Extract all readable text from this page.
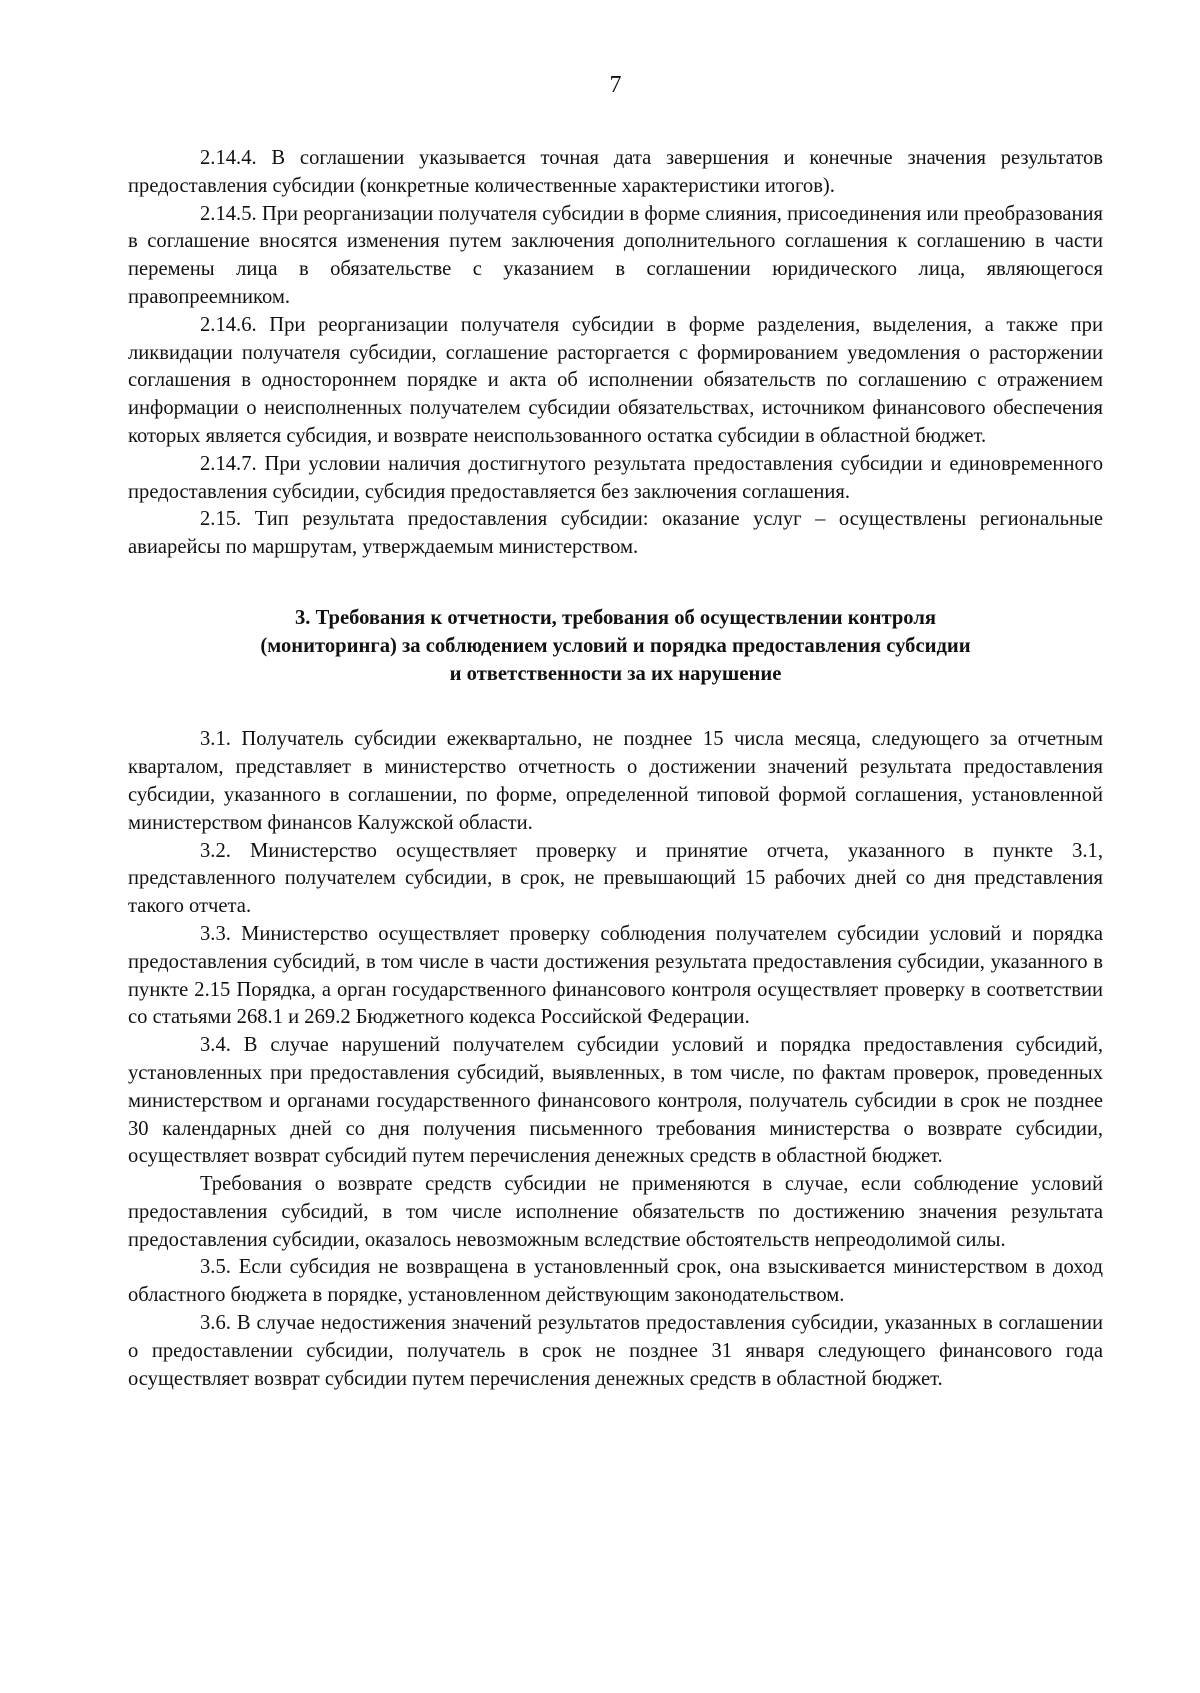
7

2.14.4. В соглашении указывается точная дата завершения и конечные значения результатов предоставления субсидии (конкретные количественные характеристики итогов).

2.14.5. При реорганизации получателя субсидии в форме слияния, присоединения или преобразования в соглашение вносятся изменения путем заключения дополнительного соглашения к соглашению в части перемены лица в обязательстве с указанием в соглашении юридического лица, являющегося правопреемником.

2.14.6. При реорганизации получателя субсидии в форме разделения, выделения, а также при ликвидации получателя субсидии, соглашение расторгается с формированием уведомления о расторжении соглашения в одностороннем порядке и акта об исполнении обязательств по соглашению с отражением информации о неисполненных получателем субсидии обязательствах, источником финансового обеспечения которых является субсидия, и возврате неиспользованного остатка субсидии в областной бюджет.

2.14.7. При условии наличия достигнутого результата предоставления субсидии и единовременного предоставления субсидии, субсидия предоставляется без заключения соглашения.

2.15. Тип результата предоставления субсидии: оказание услуг – осуществлены региональные авиарейсы по маршрутам, утверждаемым министерством.

3. Требования к отчетности, требования об осуществлении контроля
(мониторинга) за соблюдением условий и порядка предоставления субсидии
и ответственности за их нарушение

3.1. Получатель субсидии ежеквартально, не позднее 15 числа месяца, следующего за отчетным кварталом, представляет в министерство отчетность о достижении значений результата предоставления субсидии, указанного в соглашении, по форме, определенной типовой формой соглашения, установленной министерством финансов Калужской области.

3.2. Министерство осуществляет проверку и принятие отчета, указанного в пункте 3.1, представленного получателем субсидии, в срок, не превышающий 15 рабочих дней со дня представления такого отчета.

3.3. Министерство осуществляет проверку соблюдения получателем субсидии условий и порядка предоставления субсидий, в том числе в части достижения результата предоставления субсидии, указанного в пункте 2.15 Порядка, а орган государственного финансового контроля осуществляет проверку в соответствии со статьями 268.1 и 269.2 Бюджетного кодекса Российской Федерации.

3.4. В случае нарушений получателем субсидии условий и порядка предоставления субсидий, установленных при предоставления субсидий, выявленных, в том числе, по фактам проверок, проведенных министерством и органами государственного финансового контроля, получатель субсидии в срок не позднее 30 календарных дней со дня получения письменного требования министерства о возврате субсидии, осуществляет возврат субсидий путем перечисления денежных средств в областной бюджет.

Требования о возврате средств субсидии не применяются в случае, если соблюдение условий предоставления субсидий, в том числе исполнение обязательств по достижению значения результата предоставления субсидии, оказалось невозможным вследствие обстоятельств непреодолимой силы.

3.5. Если субсидия не возвращена в установленный срок, она взыскивается министерством в доход областного бюджета в порядке, установленном действующим законодательством.

3.6. В случае недостижения значений результатов предоставления субсидии, указанных в соглашении о предоставлении субсидии, получатель в срок не позднее 31 января следующего финансового года осуществляет возврат субсидии путем перечисления денежных средств в областной бюджет.
